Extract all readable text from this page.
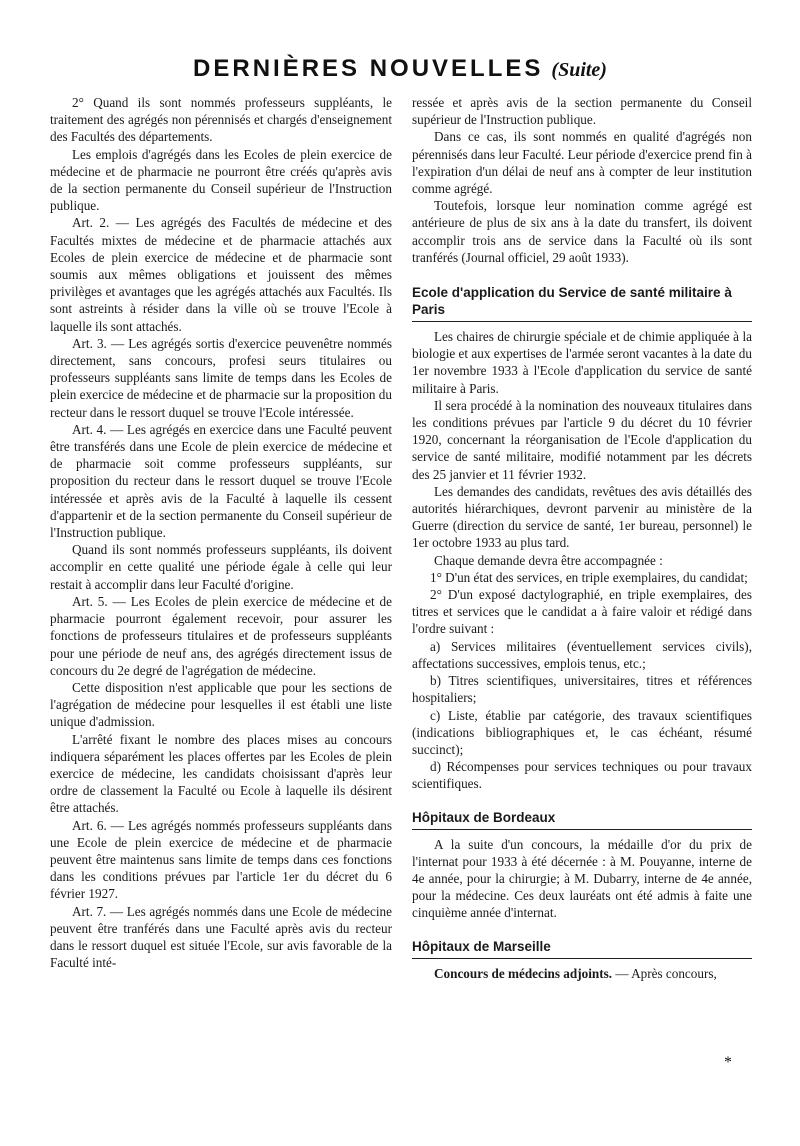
DERNIÈRES NOUVELLES (Suite)

2° Quand ils sont nommés professeurs suppléants, le traitement des agrégés non pérennisés et chargés d'enseignement des Facultés des départements.

Les emplois d'agrégés dans les Ecoles de plein exercice de médecine et de pharmacie ne pourront être créés qu'après avis de la section permanente du Conseil supérieur de l'Instruction publique.

Art. 2. — Les agrégés des Facultés de médecine et des Facultés mixtes de médecine et de pharmacie attachés aux Ecoles de plein exercice de médecine et de pharmacie sont soumis aux mêmes obligations et jouissent des mêmes privilèges et avantages que les agrégés attachés aux Facultés. Ils sont astreints à résider dans la ville où se trouve l'Ecole à laquelle ils sont attachés.

Art. 3. — Les agrégés sortis d'exercice peuvenêtre nommés directement, sans concours, profesi seurs titulaires ou professeurs suppléants sans limite de temps dans les Ecoles de plein exercice de médecine et de pharmacie sur la proposition du recteur dans le ressort duquel se trouve l'Ecole intéressée.

Art. 4. — Les agrégés en exercice dans une Faculté peuvent être transférés dans une Ecole de plein exercice de médecine et de pharmacie soit comme professeurs suppléants, sur proposition du recteur dans le ressort duquel se trouve l'Ecole intéressée et après avis de la Faculté à laquelle ils cessent d'appartenir et de la section permanente du Conseil supérieur de l'Instruction publique.

Quand ils sont nommés professeurs suppléants, ils doivent accomplir en cette qualité une période égale à celle qui leur restait à accomplir dans leur Faculté d'origine.

Art. 5. — Les Ecoles de plein exercice de médecine et de pharmacie pourront également recevoir, pour assurer les fonctions de professeurs titulaires et de professeurs suppléants pour une période de neuf ans, des agrégés directement issus de concours du 2e degré de l'agrégation de médecine.

Cette disposition n'est applicable que pour les sections de l'agrégation de médecine pour lesquelles il est établi une liste unique d'admission.

L'arrêté fixant le nombre des places mises au concours indiquera séparément les places offertes par les Ecoles de plein exercice de médecine, les candidats choisissant d'après leur ordre de classement la Faculté ou Ecole à laquelle ils désirent être attachés.

Art. 6. — Les agrégés nommés professeurs suppléants dans une Ecole de plein exercice de médecine et de pharmacie peuvent être maintenus sans limite de temps dans ces fonctions dans les conditions prévues par l'article 1er du décret du 6 février 1927.

Art. 7. — Les agrégés nommés dans une Ecole de médecine peuvent être tranférés dans une Faculté après avis du recteur dans le ressort duquel est située l'Ecole, sur avis favorable de la Faculté inté-

ressée et après avis de la section permanente du Conseil supérieur de l'Instruction publique.

Dans ce cas, ils sont nommés en qualité d'agrégés non pérennisés dans leur Faculté. Leur période d'exercice prend fin à l'expiration d'un délai de neuf ans à compter de leur institution comme agrégé.

Toutefois, lorsque leur nomination comme agrégé est antérieure de plus de six ans à la date du transfert, ils doivent accomplir trois ans de service dans la Faculté où ils sont tranférés (Journal officiel, 29 août 1933).

Ecole d'application du Service de santé militaire à Paris

Les chaires de chirurgie spéciale et de chimie appliquée à la biologie et aux expertises de l'armée seront vacantes à la date du 1er novembre 1933 à l'Ecole d'application du service de santé militaire à Paris.

Il sera procédé à la nomination des nouveaux titulaires dans les conditions prévues par l'article 9 du décret du 10 février 1920, concernant la réorganisation de l'Ecole d'application du service de santé militaire, modifié notamment par les décrets des 25 janvier et 11 février 1932.

Les demandes des candidats, revêtues des avis détaillés des autorités hiérarchiques, devront parvenir au ministère de la Guerre (direction du service de santé, 1er bureau, personnel) le 1er octobre 1933 au plus tard.

Chaque demande devra être accompagnée :

1° D'un état des services, en triple exemplaires, du candidat;

2° D'un exposé dactylographié, en triple exemplaires, des titres et services que le candidat a à faire valoir et rédigé dans l'ordre suivant :

a) Services militaires (éventuellement services civils), affectations successives, emplois tenus, etc.;

b) Titres scientifiques, universitaires, titres et références hospitaliers;

c) Liste, établie par catégorie, des travaux scientifiques (indications bibliographiques et, le cas échéant, résumé succinct);

d) Récompenses pour services techniques ou pour travaux scientifiques.

Hôpitaux de Bordeaux

A la suite d'un concours, la médaille d'or du prix de l'internat pour 1933 à été décernée : à M. Pouyanne, interne de 4e année, pour la chirurgie; à M. Dubarry, interne de 4e année, pour la médecine. Ces deux lauréats ont été admis à faite une cinquième année d'internat.

Hôpitaux de Marseille

Concours de médecins adjoints. — Après concours,

*
